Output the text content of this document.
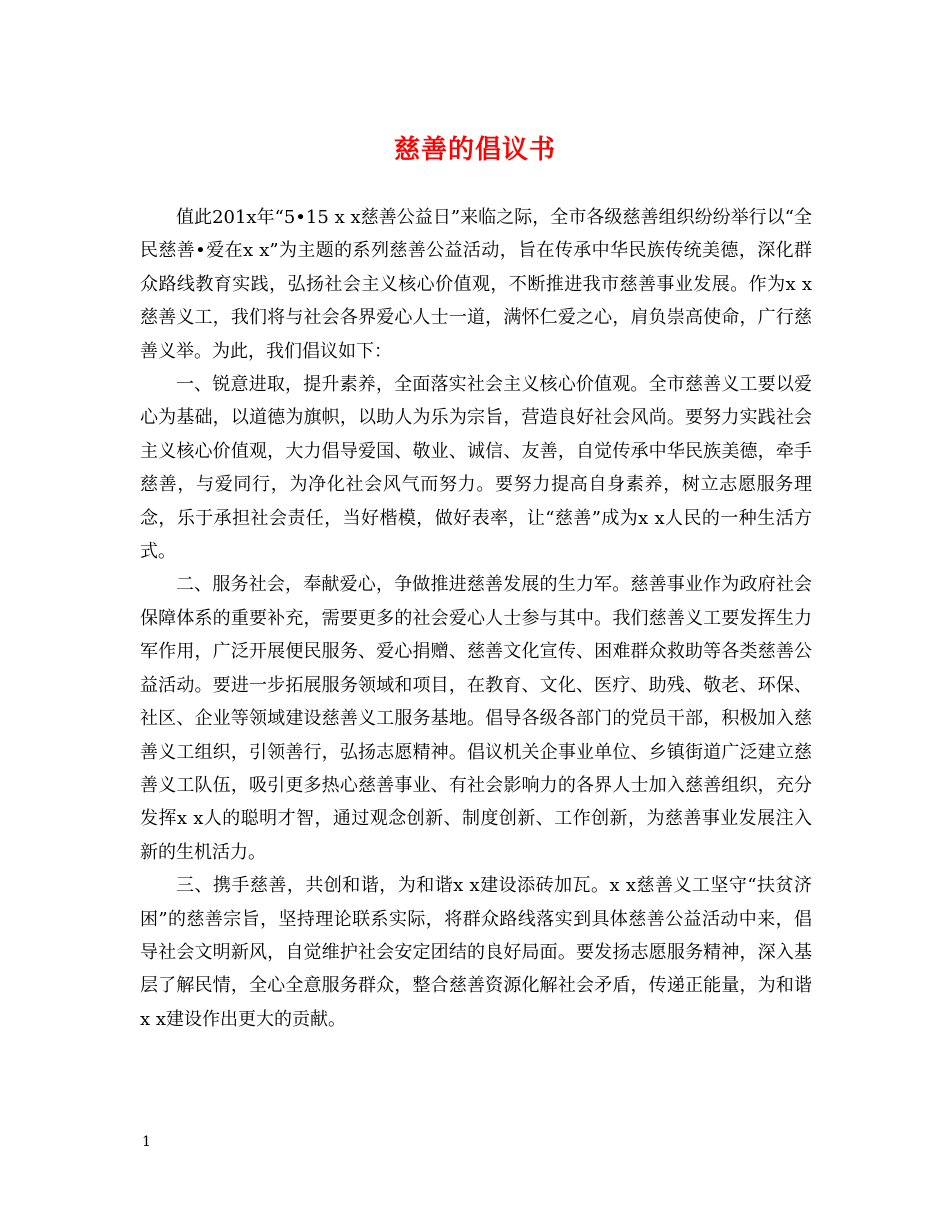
慈善的倡议书

值此201x年“5•15 x x慈善公益日”来临之际，全市各级慈善组织纷纷举行以“全民慈善•爱在x x”为主题的系列慈善公益活动，旨在传承中华民族传统美德，深化群众路线教育实践，弘扬社会主义核心价值观，不断推进我市慈善事业发展。作为x x慈善义工，我们将与社会各界爱心人士一道，满怀仁爱之心，肩负崇高使命，广行慈善义举。为此，我们倡议如下：

一、锐意进取，提升素养，全面落实社会主义核心价值观。全市慈善义工要以爱心为基础，以道德为旗帜，以助人为乐为宗旨，营造良好社会风尚。要努力实践社会主义核心价值观，大力倡导爱国、敬业、诚信、友善，自觉传承中华民族美德，牵手慈善，与爱同行，为净化社会风气而努力。要努力提高自身素养，树立志愿服务理念，乐于承担社会责任，当好楷模，做好表率，让“慈善”成为x x人民的一种生活方式。

二、服务社会，奉献爱心，争做推进慈善发展的生力军。慈善事业作为政府社会保障体系的重要补充，需要更多的社会爱心人士参与其中。我们慈善义工要发挥生力军作用，广泛开展便民服务、爱心捐赠、慈善文化宣传、困难群众救助等各类慈善公益活动。要进一步拓展服务领域和项目，在教育、文化、医疗、助残、敬老、环保、社区、企业等领域建设慈善义工服务基地。倡导各级各部门的党员干部，积极加入慈善义工组织，引领善行，弘扬志愿精神。倡议机关企事业单位、乡镇街道广泛建立慈善义工队伍，吸引更多热心慈善事业、有社会影响力的各界人士加入慈善组织，充分发挥x x人的聪明才智，通过观念创新、制度创新、工作创新，为慈善事业发展注入新的生机活力。

三、携手慈善，共创和谐，为和谐x x建设添砖加瓦。x x慈善义工坚守“扶贫济困”的慈善宗旨，坚持理论联系实际，将群众路线落实到具体慈善公益活动中来，倡导社会文明新风，自觉维护社会安定团结的良好局面。要发扬志愿服务精神，深入基层了解民情，全心全意服务群众，整合慈善资源化解社会矛盾，传递正能量，为和谐x x建设作出更大的贡献。

1
